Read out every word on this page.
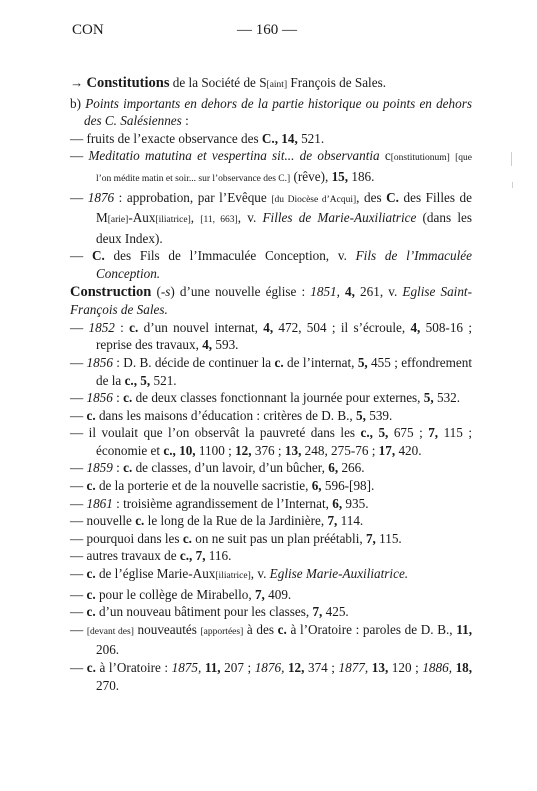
CON	— 160 —
→ Constitutions de la Société de S[aint] François de Sales.
b) Points importants en dehors de la partie historique ou points en dehors des C. Salésiennes :
— fruits de l’exacte observance des C., 14, 521.
— Meditatio matutina et vespertina sit... de observantia c[onstitutionum] [que l’on médite matin et soir... sur l’observance des C.] (rêve), 15, 186.
— 1876 : approbation, par l’Evêque [du Diocèse d’Acqui], des C. des Filles de M[arie]-Aux[iliatrice], [11, 663], v. Filles de Marie-Auxiliatrice (dans les deux Index).
— C. des Fils de l’Immaculée Conception, v. Fils de l’Immaculée Conception.
Construction (-s) d’une nouvelle église : 1851, 4, 261, v. Eglise Saint-François de Sales.
— 1852 : c. d’un nouvel internat, 4, 472, 504 ; il s’écroule, 4, 508-16 ; reprise des travaux, 4, 593.
— 1856 : D. B. décide de continuer la c. de l’internat, 5, 455 ; effondrement de la c., 5, 521.
— 1856 : c. de deux classes fonctionnant la journée pour externes, 5, 532.
— c. dans les maisons d’éducation : critères de D. B., 5, 539.
— il voulait que l’on observât la pauvreté dans les c., 5, 675 ; 7, 115 ; économie et c., 10, 1100 ; 12, 376 ; 13, 248, 275-76 ; 17, 420.
— 1859 : c. de classes, d’un lavoir, d’un bûcher, 6, 266.
— c. de la porterie et de la nouvelle sacristie, 6, 596-[98].
— 1861 : troisième agrandissement de l’Internat, 6, 935.
— nouvelle c. le long de la Rue de la Jardinière, 7, 114.
— pourquoi dans les c. on ne suit pas un plan préétabli, 7, 115.
— autres travaux de c., 7, 116.
— c. de l’église Marie-Aux[iliatrice], v. Eglise Marie-Auxiliatrice.
— c. pour le collège de Mirabello, 7, 409.
— c. d’un nouveau bâtiment pour les classes, 7, 425.
— [devant des] nouveautés [apportées] à des c. à l’Oratoire : paroles de D. B., 11, 206.
— c. à l’Oratoire : 1875, 11, 207 ; 1876, 12, 374 ; 1877, 13, 120 ; 1886, 18, 270.
